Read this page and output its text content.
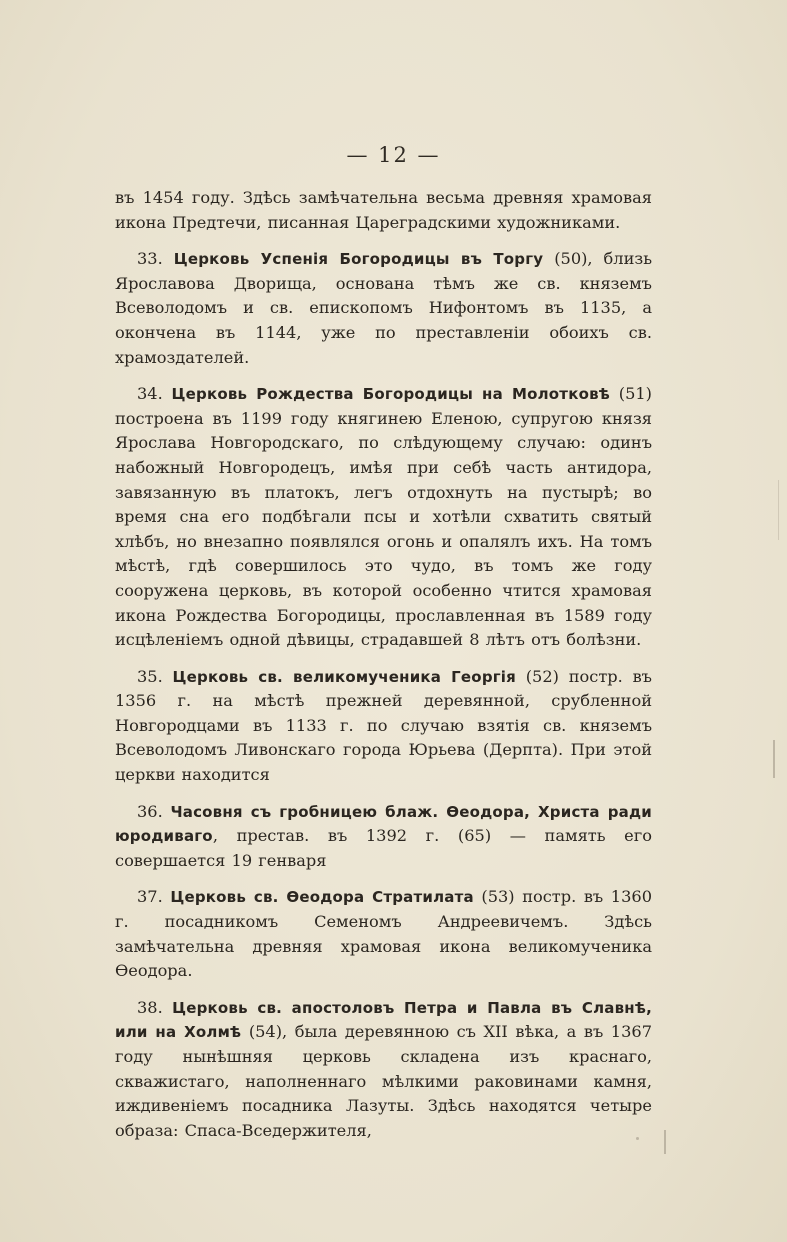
— 12 —

въ 1454 году. Здѣсь замѣчательна весьма древняя храмовая икона Предтечи, писанная Цареградскими художниками.

33. Церковь Успенія Богородицы въ Торгу (50), близь Ярославова Дворища, основана тѣмъ же св. княземъ Всеволодомъ и св. епископомъ Нифонтомъ въ 1135, а окончена въ 1144, уже по преставленіи обоихъ св. храмоздателей.

34. Церковь Рождества Богородицы на Молотковѣ (51) построена въ 1199 году княгинею Еленою, супругою князя Ярослава Новгородскаго, по слѣдующему случаю: одинъ набожный Новгородецъ, имѣя при себѣ часть антидора, завязанную въ платокъ, легъ отдохнуть на пустырѣ; во время сна его подбѣгали псы и хотѣли схватить святый хлѣбъ, но внезапно появлялся огонь и опалялъ ихъ. На томъ мѣстѣ, гдѣ совершилось это чудо, въ томъ же году сооружена церковь, въ которой особенно чтится храмовая икона Рождества Богородицы, прославленная въ 1589 году исцѣленіемъ одной дѣвицы, страдавшей 8 лѣтъ отъ болѣзни.

35. Церковь св. великомученика Георгія (52) постр. въ 1356 г. на мѣстѣ прежней деревянной, срубленной Новгородцами въ 1133 г. по случаю взятія св. княземъ Всеволодомъ Ливонскаго города Юрьева (Дерпта). При этой церкви находится

36. Часовня съ гробницею блаж. Ѳеодора, Христа ради юродиваго, престав. въ 1392 г. (65) — память его совершается 19 генваря

37. Церковь св. Ѳеодора Стратилата (53) постр. въ 1360 г. посадникомъ Семеномъ Андреевичемъ. Здѣсь замѣчательна древняя храмовая икона великомученика Ѳеодора.

38. Церковь св. апостоловъ Петра и Павла въ Славнѣ, или на Холмѣ (54), была деревянною съ XII вѣка, а въ 1367 году нынѣшняя церковь складена изъ краснаго, скважистаго, наполненнаго мѣлкими раковинами камня, иждивеніемъ посадника Лазуты. Здѣсь находятся четыре образа: Спаса-Вседержителя,
